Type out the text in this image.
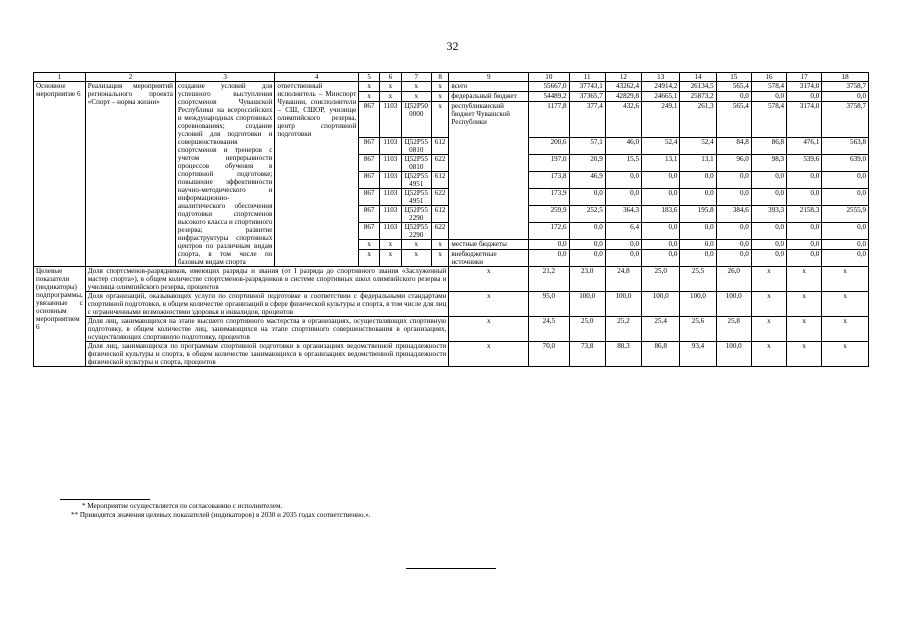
32
1	2	3	4	5	6	7	8	9	10	11	12	13	14	15	16	17	18
Основное мероприятие 6	Реализация мероприятий регионального проекта «Спорт – норма жизни»	создание условий для успешного выступления спортсменов Чувашской Республики на всероссийских и международных спортивных соревнованиях; создание условий для подготовки и совершенствования спортсменов и тренеров с учетом непрерывности процессов обучения в спортивной подготовке; повышение эффективности научно-методического и информационно-аналитического обеспечения подготовки спортсменов высокого класса и спортивного резерва; развитие инфраструктуры спортивных центров по различным видам спорта, в том числе по базовым видам спорта	ответственный исполнитель – Минспорт Чувашии, соисполнители – СШ, СШОР, училище олимпийского резерва, центр спортивной подготовки	x	x	x	x	всего	55667,0	37743,1	43262,4	24914,2	26134,5	565,4	578,4	3174,0	3758,7
				x	x	x	x	федеральный бюджет	54489,2	37365,7	42829,8	24665,1	25873,2	0,0	0,0	0,0	0,0
				867	1103	Ц52Р50 0000	x	республиканский бюджет Чувашской Республики	1177,8	377,4	432,6	249,1	261,3	565,4	578,4	3174,0	3758,7
				867	1103	Ц52Р55 0810	612		200,6	57,1	46,0	52,4	52,4	84,8	86,8	476,1	563,8
				867	1103	Ц52Р55 0810	622		197,0	20,9	15,5	13,1	13,1	96,0	98,3	539,6	639,0
				867	1103	Ц52Р55 4951	612		173,8	46,9	0,0	0,0	0,0	0,0	0,0	0,0	0,0
				867	1103	Ц52Р55 4951	622		173,9	0,0	0,0	0,0	0,0	0,0	0,0	0,0	0,0
				867	1103	Ц52Р55 2290	612		259,9	252,5	364,3	183,6	195,8	384,6	393,3	2158,3	2555,9
				867	1103	Ц52Р55 2290	622		172,6	0,0	6,4	0,0	0,0	0,0	0,0	0,0	0,0
				x	x	x	x	местные бюджеты	0,0	0,0	0,0	0,0	0,0	0,0	0,0	0,0	0,0
				x	x	x	x	внебюджетные источники	0,0	0,0	0,0	0,0	0,0	0,0	0,0	0,0	0,0
Целевые показатели (индикаторы) подпрограммы, увязанные с основным мероприятием 6	Доля спортсменов-разрядников, имеющих разряды и звания (от I разряда до спортивного звания «Заслуженный мастер спорта»), в общем количестве спортсменов-разрядников в системе спортивных школ олимпийского резерва и училища олимпийского резерва, процентов							x	21,2	23,0	24,8	25,0	25,5	26,0	x	x	x
	Доля организаций, оказывающих услуги по спортивной подготовке в соответствии с федеральными стандартами спортивной подготовки, в общем количестве организаций в сфере физической культуры и спорта, в том числе для лиц с ограниченными возможностями здоровья и инвалидов, процентов							x	95,0	100,0	100,0	100,0	100,0	100,0	x	x	x
	Доля лиц, занимающихся на этапе высшего спортивного мастерства в организациях, осуществляющих спортивную подготовку, в общем количестве лиц, занимающихся на этапе спортивного совершенствования в организациях, осуществляющих спортивную подготовку, процентов							x	24,5	25,0	25,2	25,4	25,6	25,8	x	x	x
	Доля лиц, занимающихся по программам спортивной подготовки в организациях ведомственной принадлежности физической культуры и спорта, в общем количестве занимающихся в организациях ведомственной принадлежности физической культуры и спорта, процентов							x	70,0	73,8	80,3	86,8	93,4	100,0	x	x	x
* Мероприятие осуществляется по согласованию с исполнителем.
** Приводятся значения целевых показателей (индикаторов) в 2030 и 2035 годах соответственно.».
